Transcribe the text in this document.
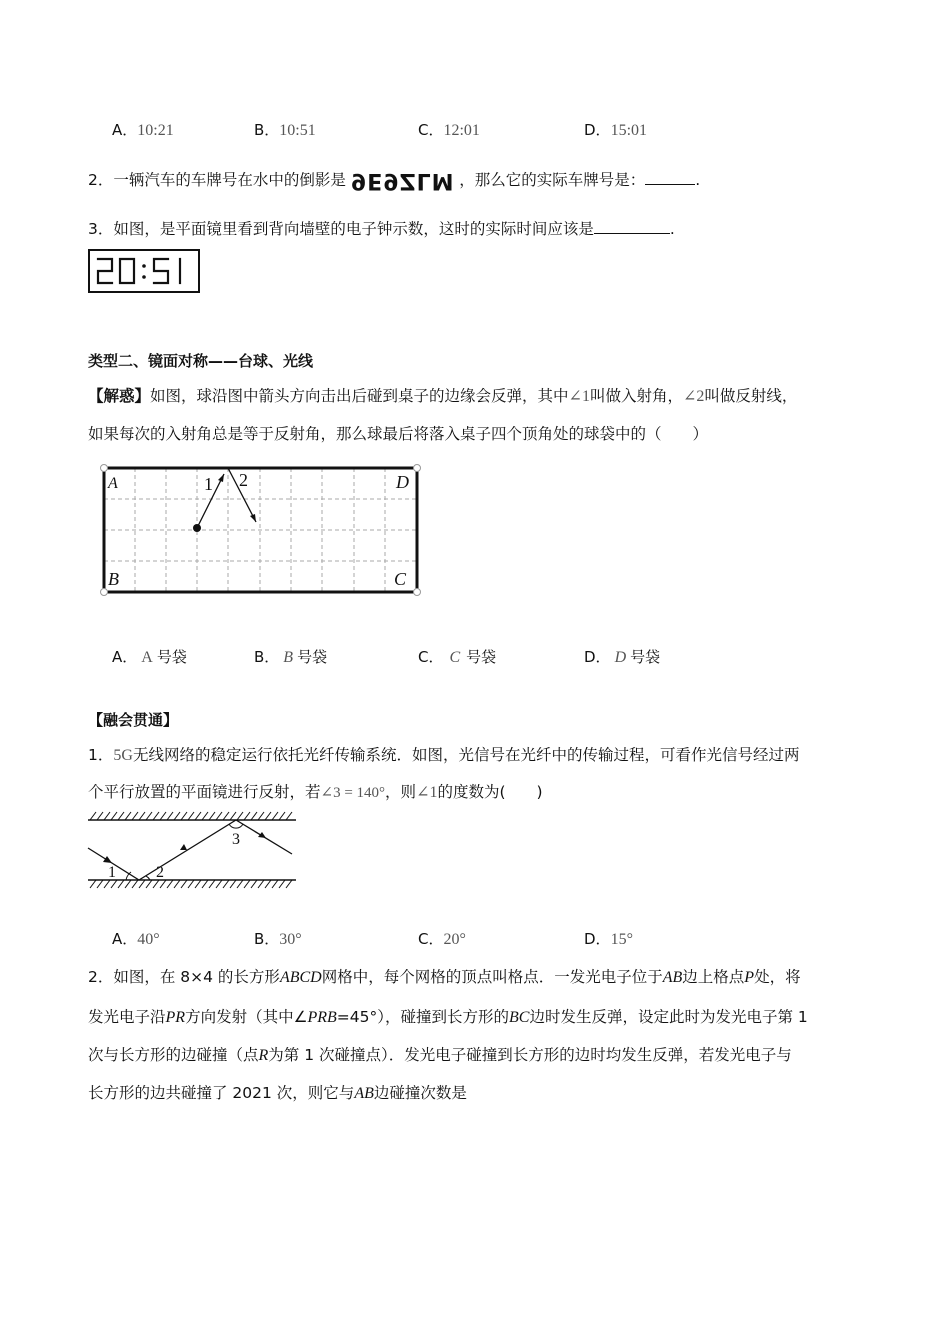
A．10:21	B．10:51	C．12:01	D．15:01
2．一辆汽车的车牌号在水中的倒影是 9E9ZLM ，那么它的实际车牌号是：	.
3．如图，是平面镜里看到背向墙壁的电子钟示数，这时的实际时间应该是	.
类型二、镜面对称——台球、光线
【解惑】如图，球沿图中箭头方向击出后碰到桌子的边缘会反弹，其中∠1叫做入射角，∠2叫做反射线，
如果每次的入射角总是等于反射角，那么球最后将落入桌子四个顶角处的球袋中的（　　）
A	D
B	C
1 2
A． A 号袋	B． B 号袋	C． C 号袋	D． D 号袋
【融会贯通】
1．5G无线网络的稳定运行依托光纤传输系统．如图，光信号在光纤中的传输过程，可看作光信号经过两
个平行放置的平面镜进行反射，若∠3 = 140°，则∠1的度数为(　　)
1	2
3
A．40°	B．30°	C．20°	D．15°
2．如图，在 8×4 的长方形ABCD网格中，每个网格的顶点叫格点．一发光电子位于AB边上格点P处，将
发光电子沿PR方向发射（其中∠PRB=45°），碰撞到长方形的BC边时发生反弹，设定此时为发光电子第 1
次与长方形的边碰撞（点R为第 1 次碰撞点）．发光电子碰撞到长方形的边时均发生反弹，若发光电子与
长方形的边共碰撞了 2021 次，则它与AB边碰撞次数是
